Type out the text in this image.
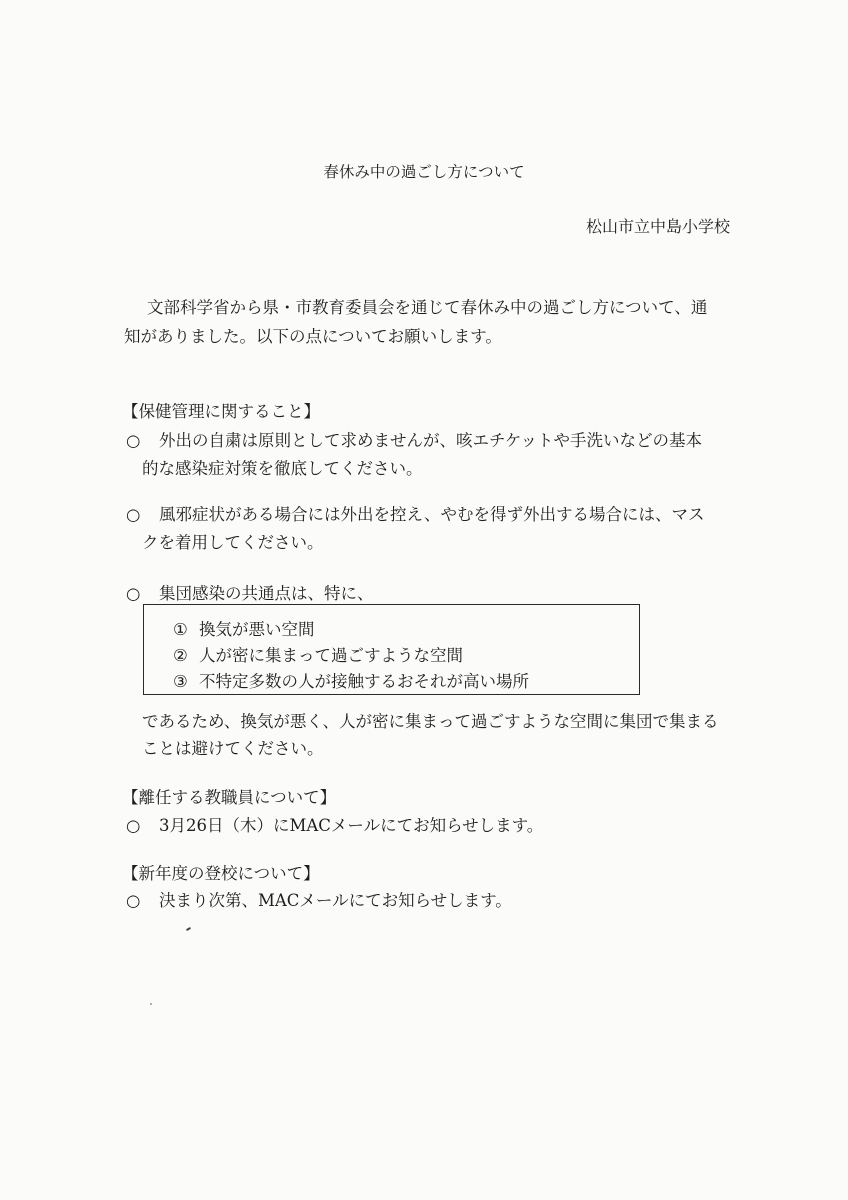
春休み中の過ごし方について
松山市立中島小学校
文部科学省から県・市教育委員会を通じて春休み中の過ごし方について、通
知がありました。以下の点についてお願いします。
【保健管理に関すること】
○ 外出の自粛は原則として求めませんが、咳エチケットや手洗いなどの基本
的な感染症対策を徹底してください。
○ 風邪症状がある場合には外出を控え、やむを得ず外出する場合には、マス
クを着用してください。
○ 集団感染の共通点は、特に、
① 換気が悪い空間
② 人が密に集まって過ごすような空間
③ 不特定多数の人が接触するおそれが高い場所
であるため、換気が悪く、人が密に集まって過ごすような空間に集団で集まる
ことは避けてください。
【離任する教職員について】
○ 3月26日（木）にMACメールにてお知らせします。
【新年度の登校について】
○ 決まり次第、MACメールにてお知らせします。
